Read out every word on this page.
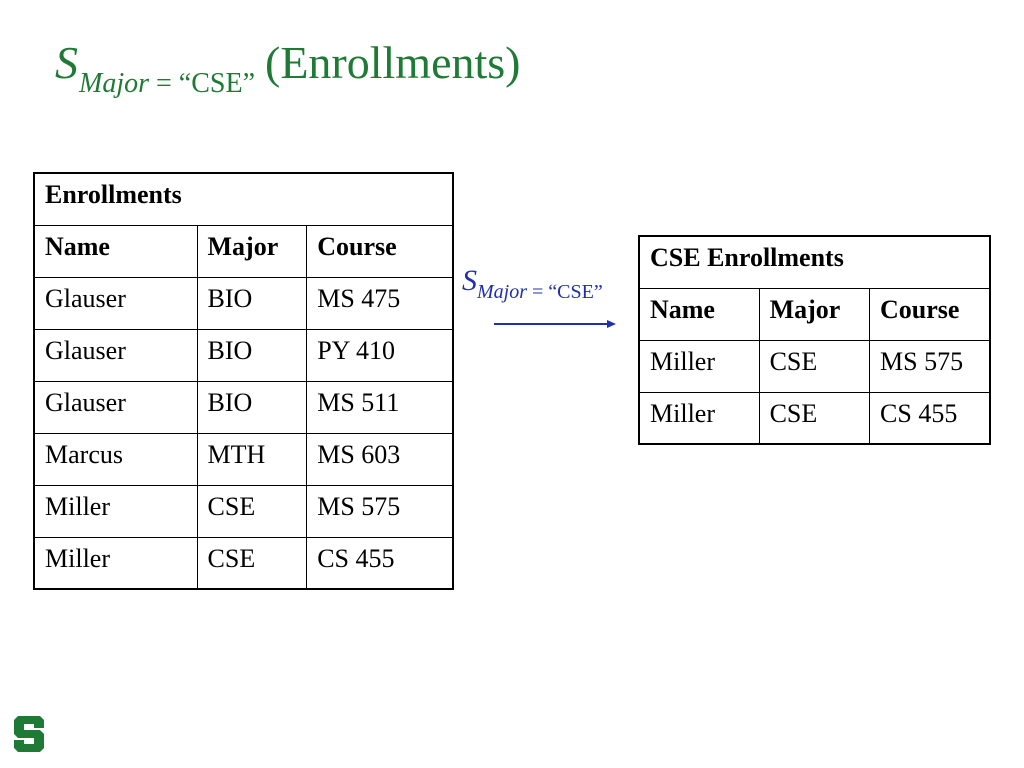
SMajor = “CSE” (Enrollments)
Enrollments		
Name	Major	Course
Glauser	BIO	MS 475
Glauser	BIO	PY 410
Glauser	BIO	MS 511
Marcus	MTH	MS 603
Miller	CSE	MS 575
Miller	CSE	CS 455
SMajor = “CSE”
CSE Enrollments		
Name	Major	Course
Miller	CSE	MS 575
Miller	CSE	CS 455
